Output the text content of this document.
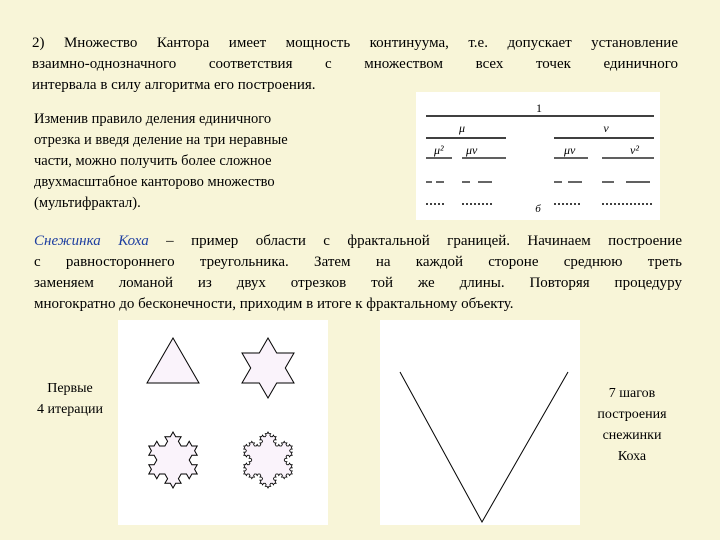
2) Множество Кантора имеет мощность континуума, т.е. допускает установление
взаимно-однозначного соответствия с множеством всех точек единичного
интервала в силу алгоритма его построения.
Изменив правило деления единичного
отрезка и введя деление на три неравные
части, можно получить более сложное
двухмасштабное канторово множество
(мультифрактал).
1
μ	ν
μ² μν	μν	ν²
б
Снежинка Коха – пример области с фрактальной границей. Начинаем построение
с равностороннего треугольника. Затем на каждой стороне среднюю треть
заменяем ломаной из двух отрезков той же длины. Повторяя процедуру
многократно до бесконечности, приходим в итоге к фрактальному объекту.
Первые
4 итерации
7 шагов
построения
снежинки
Коха
